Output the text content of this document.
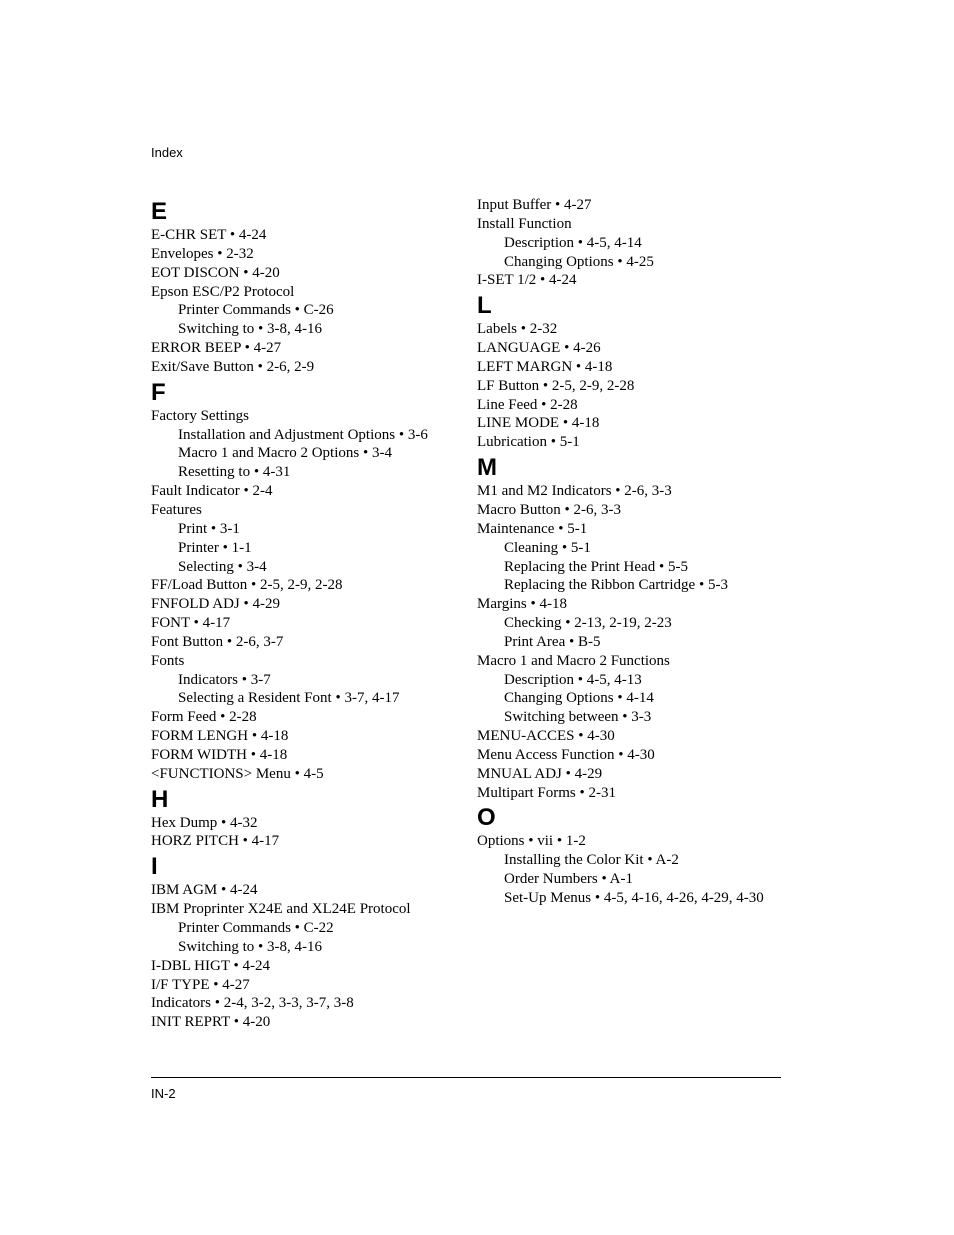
Index
E
E-CHR SET • 4-24
Envelopes • 2-32
EOT DISCON • 4-20
Epson ESC/P2 Protocol
Printer Commands • C-26
Switching to • 3-8, 4-16
ERROR BEEP • 4-27
Exit/Save Button • 2-6, 2-9
F
Factory Settings
Installation and Adjustment Options • 3-6
Macro 1 and Macro 2 Options • 3-4
Resetting to • 4-31
Fault Indicator • 2-4
Features
Print • 3-1
Printer • 1-1
Selecting • 3-4
FF/Load Button • 2-5, 2-9, 2-28
FNFOLD ADJ • 4-29
FONT • 4-17
Font Button • 2-6, 3-7
Fonts
Indicators • 3-7
Selecting a Resident Font • 3-7, 4-17
Form Feed • 2-28
FORM LENGH • 4-18
FORM WIDTH • 4-18
<FUNCTIONS> Menu • 4-5
H
Hex Dump • 4-32
HORZ PITCH • 4-17
I
IBM AGM • 4-24
IBM Proprinter X24E and XL24E Protocol
Printer Commands • C-22
Switching to • 3-8, 4-16
I-DBL HIGT • 4-24
I/F TYPE • 4-27
Indicators • 2-4, 3-2, 3-3, 3-7, 3-8
INIT REPRT • 4-20
Input Buffer • 4-27
Install Function
Description • 4-5, 4-14
Changing Options • 4-25
I-SET 1/2 • 4-24
L
Labels • 2-32
LANGUAGE • 4-26
LEFT MARGN • 4-18
LF Button • 2-5, 2-9, 2-28
Line Feed • 2-28
LINE MODE • 4-18
Lubrication • 5-1
M
M1 and M2 Indicators • 2-6, 3-3
Macro Button • 2-6, 3-3
Maintenance • 5-1
Cleaning • 5-1
Replacing the Print Head • 5-5
Replacing the Ribbon Cartridge • 5-3
Margins • 4-18
Checking • 2-13, 2-19, 2-23
Print Area • B-5
Macro 1 and Macro 2 Functions
Description • 4-5, 4-13
Changing Options • 4-14
Switching between • 3-3
MENU-ACCES • 4-30
Menu Access Function • 4-30
MNUAL ADJ • 4-29
Multipart Forms • 2-31
O
Options • vii • 1-2
Installing the Color Kit • A-2
Order Numbers • A-1
Set-Up Menus • 4-5, 4-16, 4-26, 4-29, 4-30
IN-2
